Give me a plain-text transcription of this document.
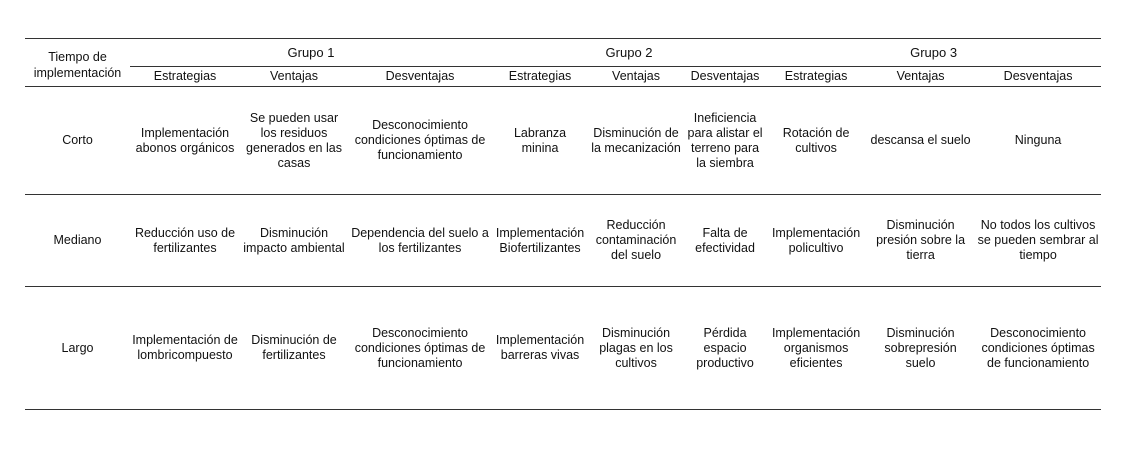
Tiempo de implementación	Grupo 1			Grupo 2			Grupo 3		
	Estrategias	Ventajas	Desventajas	Estrategias	Ventajas	Desventajas	Estrategias	Ventajas	Desventajas
Corto	Implementación abonos orgánicos	Se pueden usar los residuos generados en las casas	Desconocimiento condiciones óptimas de funcionamiento	Labranza minina	Disminución de la mecanización	Ineficiencia para alistar el terreno para la siembra	Rotación de cultivos	descansa el suelo	Ninguna
Mediano	Reducción uso de fertilizantes	Disminución impacto ambiental	Dependencia del suelo a los fertilizantes	Implementación Biofertilizantes	Reducción contaminación del suelo	Falta de efectividad	Implementación policultivo	Disminución presión sobre la tierra	No todos los cultivos se pueden sembrar al tiempo
Largo	Implementación de lombricompuesto	Disminución de fertilizantes	Desconocimiento condiciones óptimas de funcionamiento	Implementación barreras vivas	Disminución plagas en los cultivos	Pérdida espacio productivo	Implementación organismos eficientes	Disminución sobrepresión suelo	Desconocimiento condiciones óptimas de funcionamiento
